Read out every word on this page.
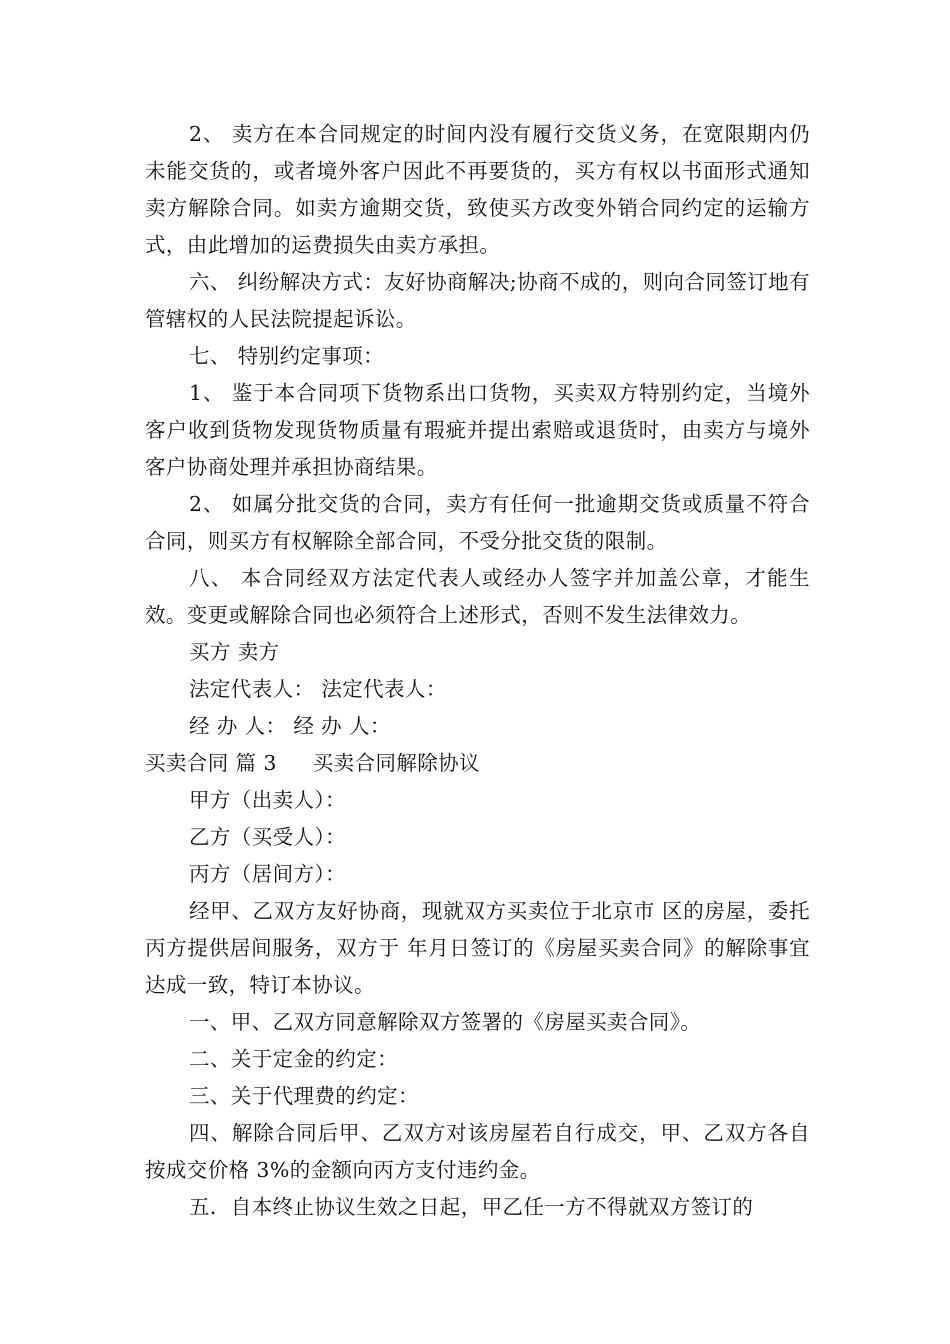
2、 卖方在本合同规定的时间内没有履行交货义务，在宽限期内仍未能交货的，或者境外客户因此不再要货的，买方有权以书面形式通知卖方解除合同。如卖方逾期交货，致使买方改变外销合同约定的运输方式，由此增加的运费损失由卖方承担。

六、 纠纷解决方式：友好协商解决;协商不成的，则向合同签订地有管辖权的人民法院提起诉讼。

七、 特别约定事项：

1、 鉴于本合同项下货物系出口货物，买卖双方特别约定，当境外客户收到货物发现货物质量有瑕疵并提出索赔或退货时，由卖方与境外客户协商处理并承担协商结果。

2、 如属分批交货的合同，卖方有任何一批逾期交货或质量不符合合同，则买方有权解除全部合同，不受分批交货的限制。

八、 本合同经双方法定代表人或经办人签字并加盖公章，才能生效。变更或解除合同也必须符合上述形式，否则不发生法律效力。

买方 卖方

法定代表人： 法定代表人：

经 办 人： 经 办 人：

买卖合同 篇 3 买卖合同解除协议

甲方（出卖人）：

乙方（买受人）：

丙方（居间方）：

经甲、乙双方友好协商，现就双方买卖位于北京市 区的房屋，委托丙方提供居间服务，双方于 年月日签订的《房屋买卖合同》的解除事宜达成一致，特订本协议。

一、甲、乙双方同意解除双方签署的《房屋买卖合同》。

二、关于定金的约定：

三、关于代理费的约定：

四、解除合同后甲、乙双方对该房屋若自行成交，甲、乙双方各自按成交价格 3%的金额向丙方支付违约金。

五．自本终止协议生效之日起，甲乙任一方不得就双方签订的
